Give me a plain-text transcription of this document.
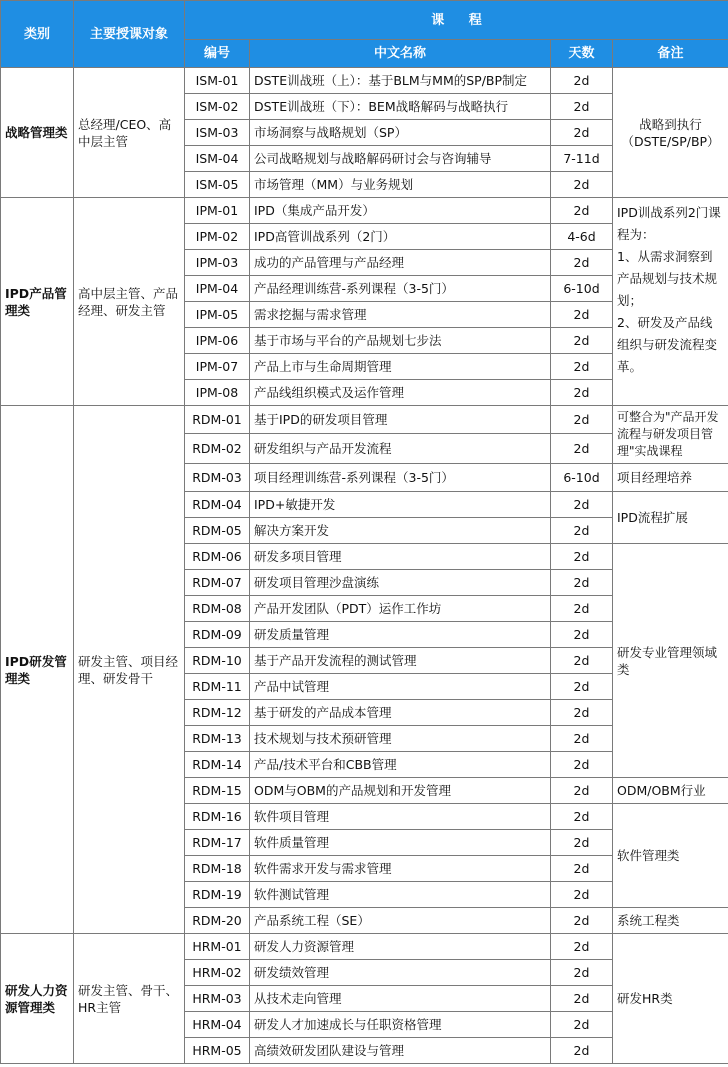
类别	主要授课对象	课 程			
		编号	中文名称	天数	备注
战略管理类	总经理/CEO、高中层主管	ISM-01	DSTE训战班（上）：基于BLM与MM的SP/BP制定	2d	战略到执行
（DSTE/SP/BP）
		ISM-02	DSTE训战班（下）：BEM战略解码与战略执行	2d	
		ISM-03	市场洞察与战略规划（SP）	2d	
		ISM-04	公司战略规划与战略解码研讨会与咨询辅导	7-11d	
		ISM-05	市场管理（MM）与业务规划	2d	
IPD产品管理类	高中层主管、产品经理、研发主管	IPM-01	IPD（集成产品开发）	2d	IPD训战系列2门课程为：
1、从需求洞察到产品规划与技术规划；
2、研发及产品线组织与研发流程变革。
		IPM-02	IPD高管训战系列（2门）	4-6d	
		IPM-03	成功的产品管理与产品经理	2d	
		IPM-04	产品经理训练营-系列课程（3-5门）	6-10d	
		IPM-05	需求挖掘与需求管理	2d	
		IPM-06	基于市场与平台的产品规划七步法	2d	
		IPM-07	产品上市与生命周期管理	2d	
		IPM-08	产品线组织模式及运作管理	2d	
IPD研发管理类	研发主管、项目经理、研发骨干	RDM-01	基于IPD的研发项目管理	2d	可整合为"产品开发流程与研发项目管理"实战课程
		RDM-02	研发组织与产品开发流程	2d	
		RDM-03	项目经理训练营-系列课程（3-5门）	6-10d	项目经理培养
		RDM-04	IPD+敏捷开发	2d	IPD流程扩展
		RDM-05	解决方案开发	2d	
		RDM-06	研发多项目管理	2d	研发专业管理领域类
		RDM-07	研发项目管理沙盘演练	2d	
		RDM-08	产品开发团队（PDT）运作工作坊	2d	
		RDM-09	研发质量管理	2d	
		RDM-10	基于产品开发流程的测试管理	2d	
		RDM-11	产品中试管理	2d	
		RDM-12	基于研发的产品成本管理	2d	
		RDM-13	技术规划与技术预研管理	2d	
		RDM-14	产品/技术平台和CBB管理	2d	
		RDM-15	ODM与OBM的产品规划和开发管理	2d	ODM/OBM行业
		RDM-16	软件项目管理	2d	软件管理类
		RDM-17	软件质量管理	2d	
		RDM-18	软件需求开发与需求管理	2d	
		RDM-19	软件测试管理	2d	
		RDM-20	产品系统工程（SE）	2d	系统工程类
研发人力资源管理类	研发主管、骨干、HR主管	HRM-01	研发人力资源管理	2d	研发HR类
		HRM-02	研发绩效管理	2d	
		HRM-03	从技术走向管理	2d	
		HRM-04	研发人才加速成长与任职资格管理	2d	
		HRM-05	高绩效研发团队建设与管理	2d	
